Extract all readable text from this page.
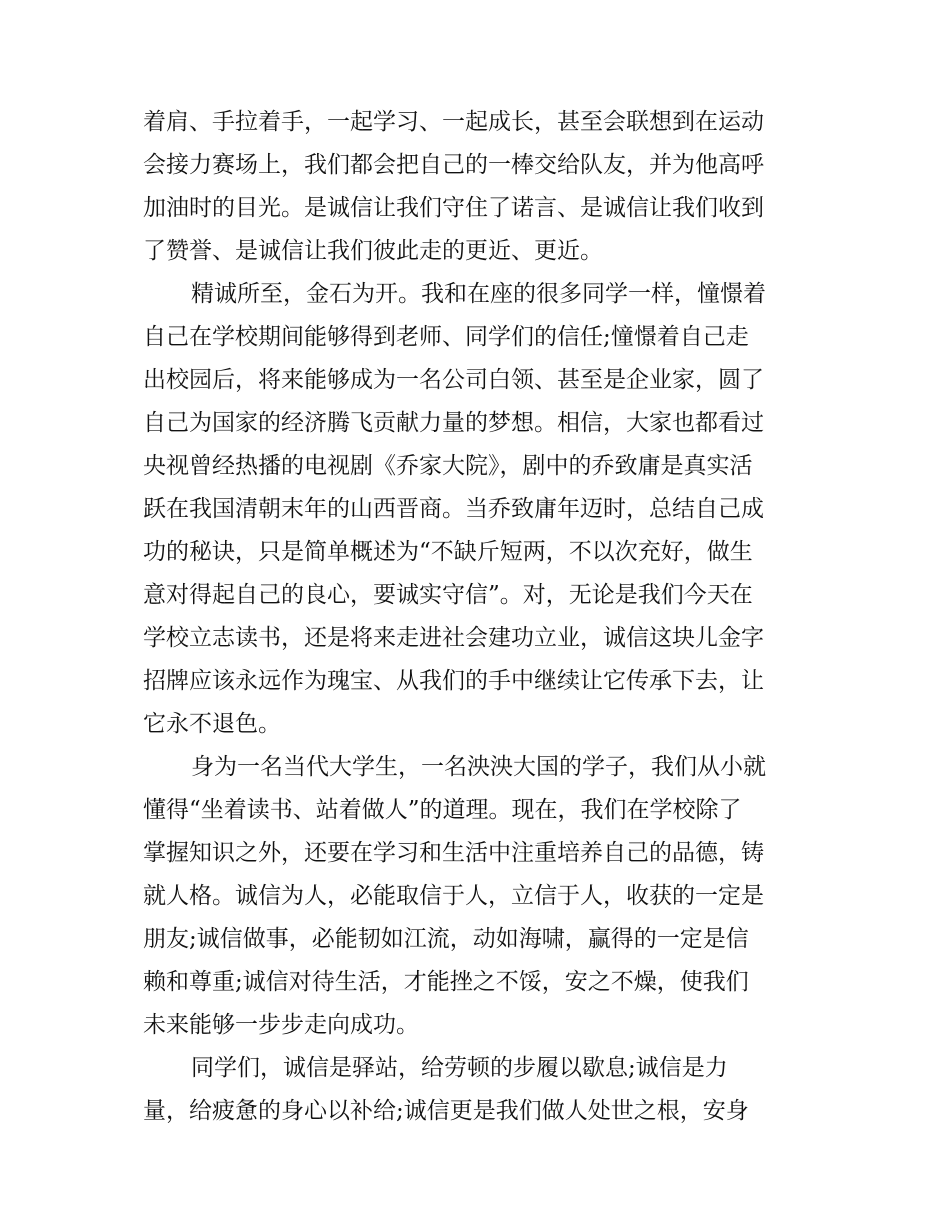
着肩、手拉着手，一起学习、一起成长，甚至会联想到在运动
会接力赛场上，我们都会把自己的一棒交给队友，并为他高呼
加油时的目光。是诚信让我们守住了诺言、是诚信让我们收到
了赞誉、是诚信让我们彼此走的更近、更近。
精诚所至，金石为开。我和在座的很多同学一样，憧憬着
自己在学校期间能够得到老师、同学们的信任;憧憬着自己走
出校园后，将来能够成为一名公司白领、甚至是企业家，圆了
自己为国家的经济腾飞贡献力量的梦想。相信，大家也都看过
央视曾经热播的电视剧《乔家大院》，剧中的乔致庸是真实活
跃在我国清朝末年的山西晋商。当乔致庸年迈时，总结自己成
功的秘诀，只是简单概述为“不缺斤短两，不以次充好，做生
意对得起自己的良心，要诚实守信”。对，无论是我们今天在
学校立志读书，还是将来走进社会建功立业，诚信这块儿金字
招牌应该永远作为瑰宝、从我们的手中继续让它传承下去，让
它永不退色。
身为一名当代大学生，一名泱泱大国的学子，我们从小就
懂得“坐着读书、站着做人”的道理。现在，我们在学校除了
掌握知识之外，还要在学习和生活中注重培养自己的品德，铸
就人格。诚信为人，必能取信于人，立信于人，收获的一定是
朋友;诚信做事，必能韧如江流，动如海啸，赢得的一定是信
赖和尊重;诚信对待生活，才能挫之不馁，安之不燥，使我们
未来能够一步步走向成功。
同学们，诚信是驿站，给劳顿的步履以歇息;诚信是力
量，给疲惫的身心以补给;诚信更是我们做人处世之根，安身
